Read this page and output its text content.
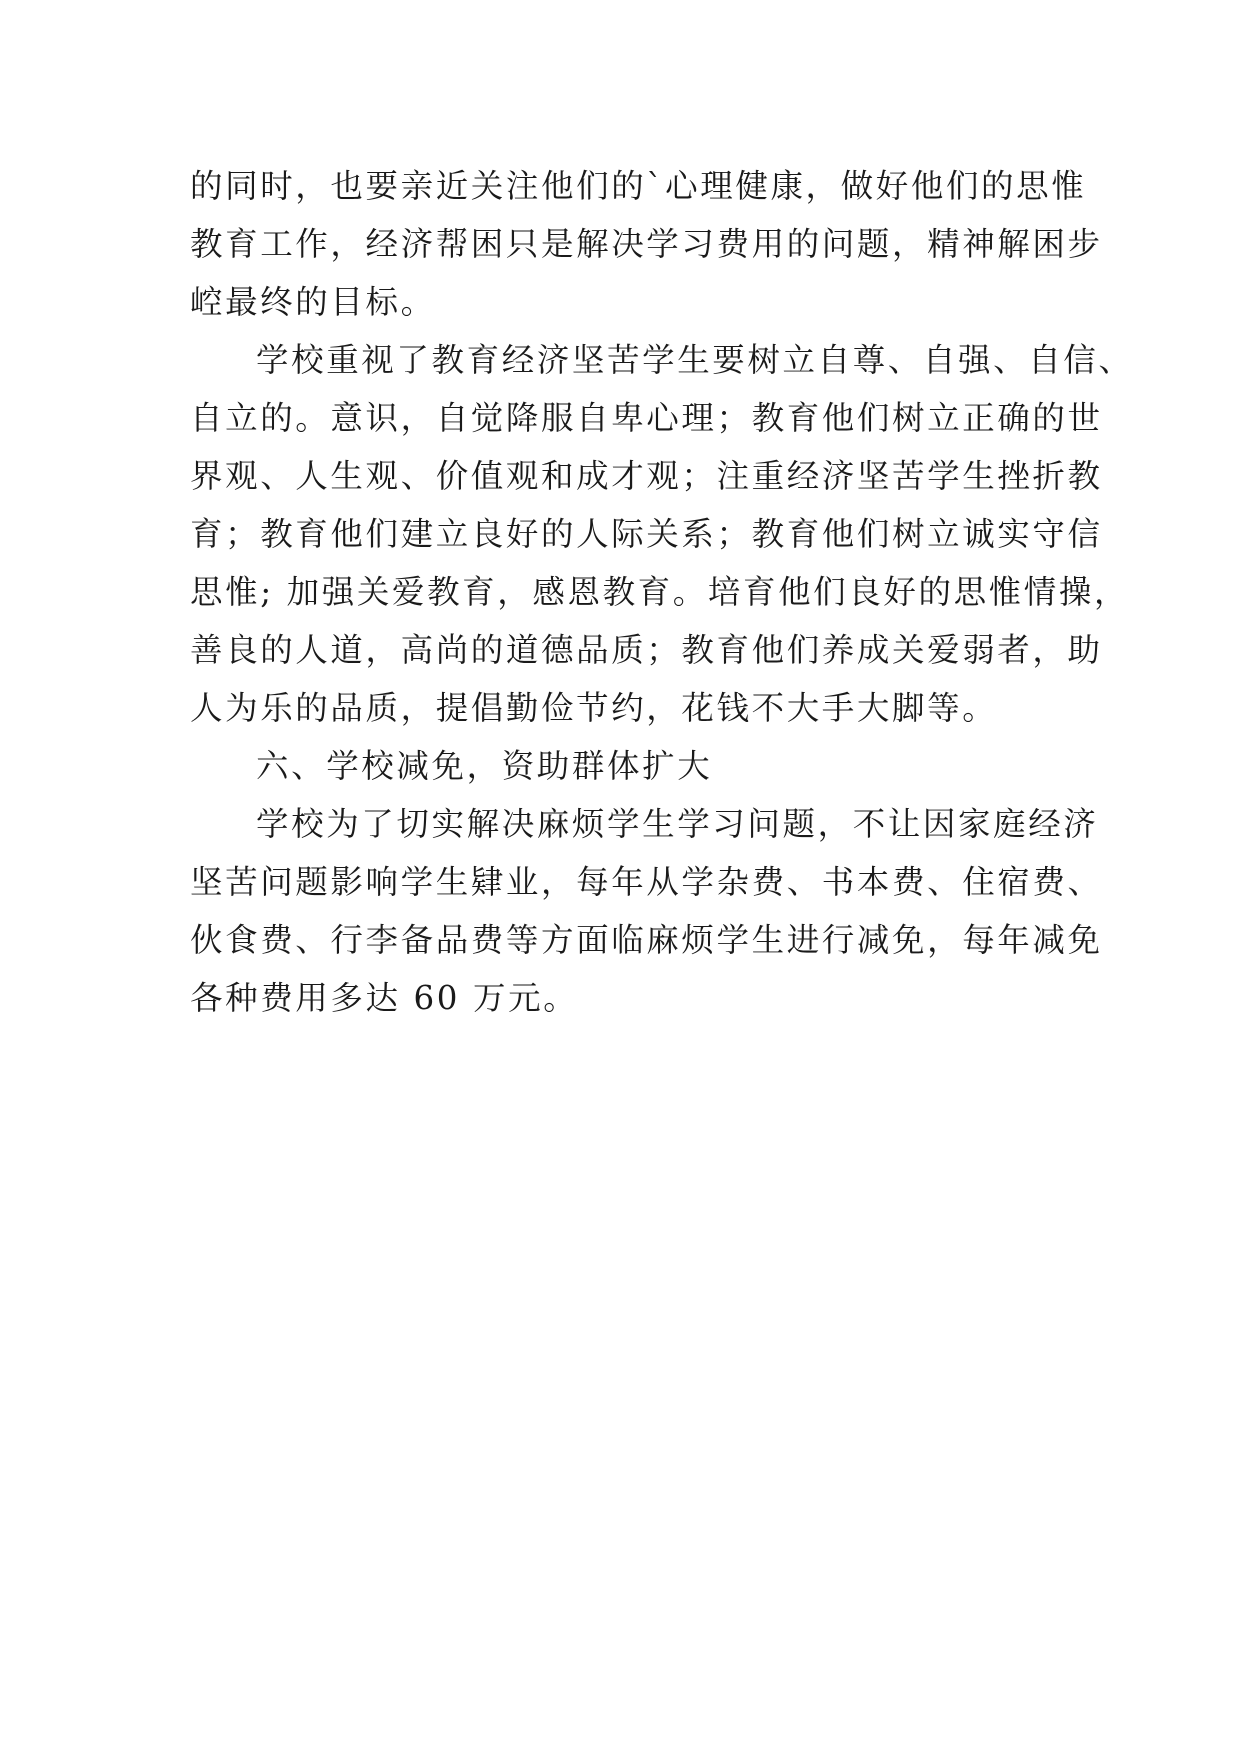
的同时，也要亲近关注他们的`心理健康，做好他们的思惟
教育工作，经济帮困只是解决学习费用的问题，精神解困步
崆最终的目标。
学校重视了教育经济坚苦学生要树立自尊、自强、自信、
自立的。意识，自觉降服自卑心理；教育他们树立正确的世
界观、人生观、价值观和成才观；注重经济坚苦学生挫折教
育；教育他们建立良好的人际关系；教育他们树立诚实守信
思惟; 加强关爱教育，感恩教育。培育他们良好的思惟情操，
善良的人道，高尚的道德品质；教育他们养成关爱弱者，助
人为乐的品质，提倡勤俭节约，花钱不大手大脚等。
六、学校减免，资助群体扩大
学校为了切实解决麻烦学生学习问题，不让因家庭经济
坚苦问题影响学生肄业，每年从学杂费、书本费、住宿费、
伙食费、行李备品费等方面临麻烦学生进行减免，每年减免
各种费用多达 60 万元。
